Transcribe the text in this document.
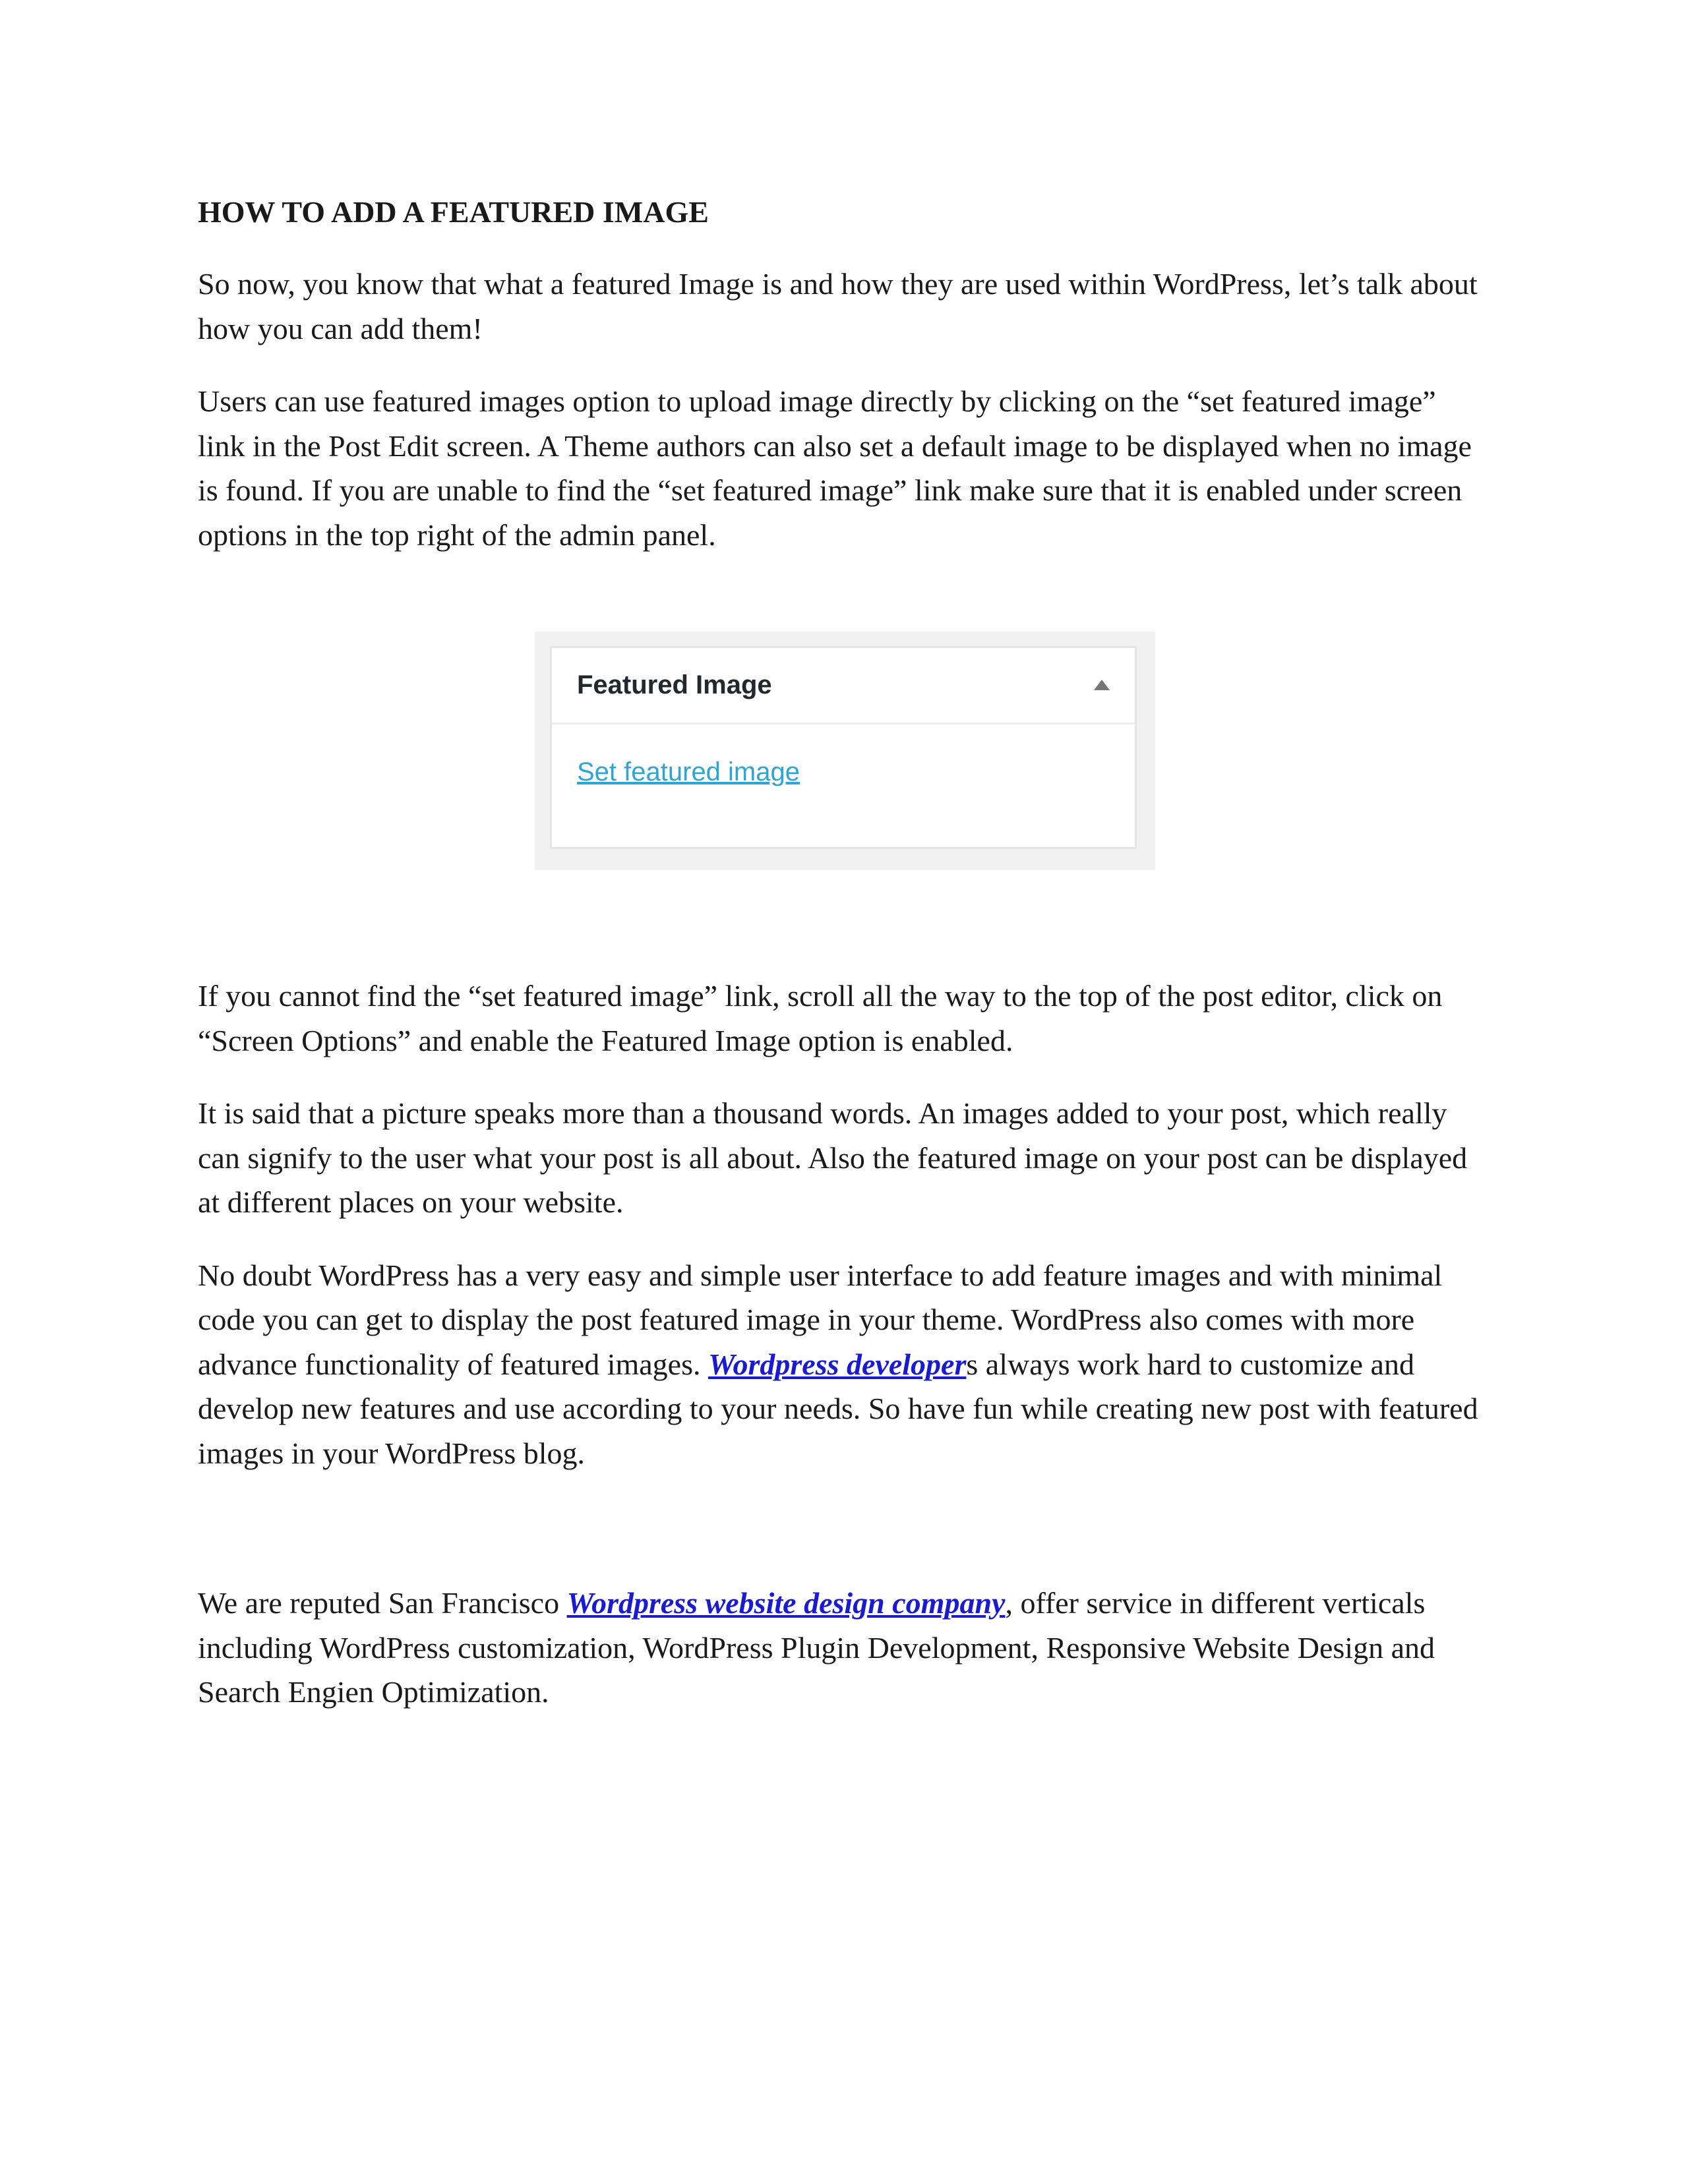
HOW TO ADD A FEATURED IMAGE

So now, you know that what a featured Image is and how they are used within WordPress, let’s talk about how you can add them!

Users can use featured images option to upload image directly by clicking on the “set featured image” link in the Post Edit screen. A Theme authors can also set a default image to be displayed when no image is found. If you are unable to find the “set featured image” link make sure that it is enabled under screen options in the top right of the admin panel.

Featured Image
Set featured image

If you cannot find the “set featured image” link, scroll all the way to the top of the post editor, click on “Screen Options” and enable the Featured Image option is enabled.

It is said that a picture speaks more than a thousand words. An images added to your post, which really can signify to the user what your post is all about. Also the featured image on your post can be displayed at different places on your website.

No doubt WordPress has a very easy and simple user interface to add feature images and with minimal code you can get to display the post featured image in your theme. WordPress also comes with more advance functionality of featured images. Wordpress developers always work hard to customize and develop new features and use according to your needs. So have fun while creating new post with featured images in your WordPress blog.

We are reputed San Francisco Wordpress website design company, offer service in different verticals including WordPress customization, WordPress Plugin Development, Responsive Website Design and Search Engien Optimization.
